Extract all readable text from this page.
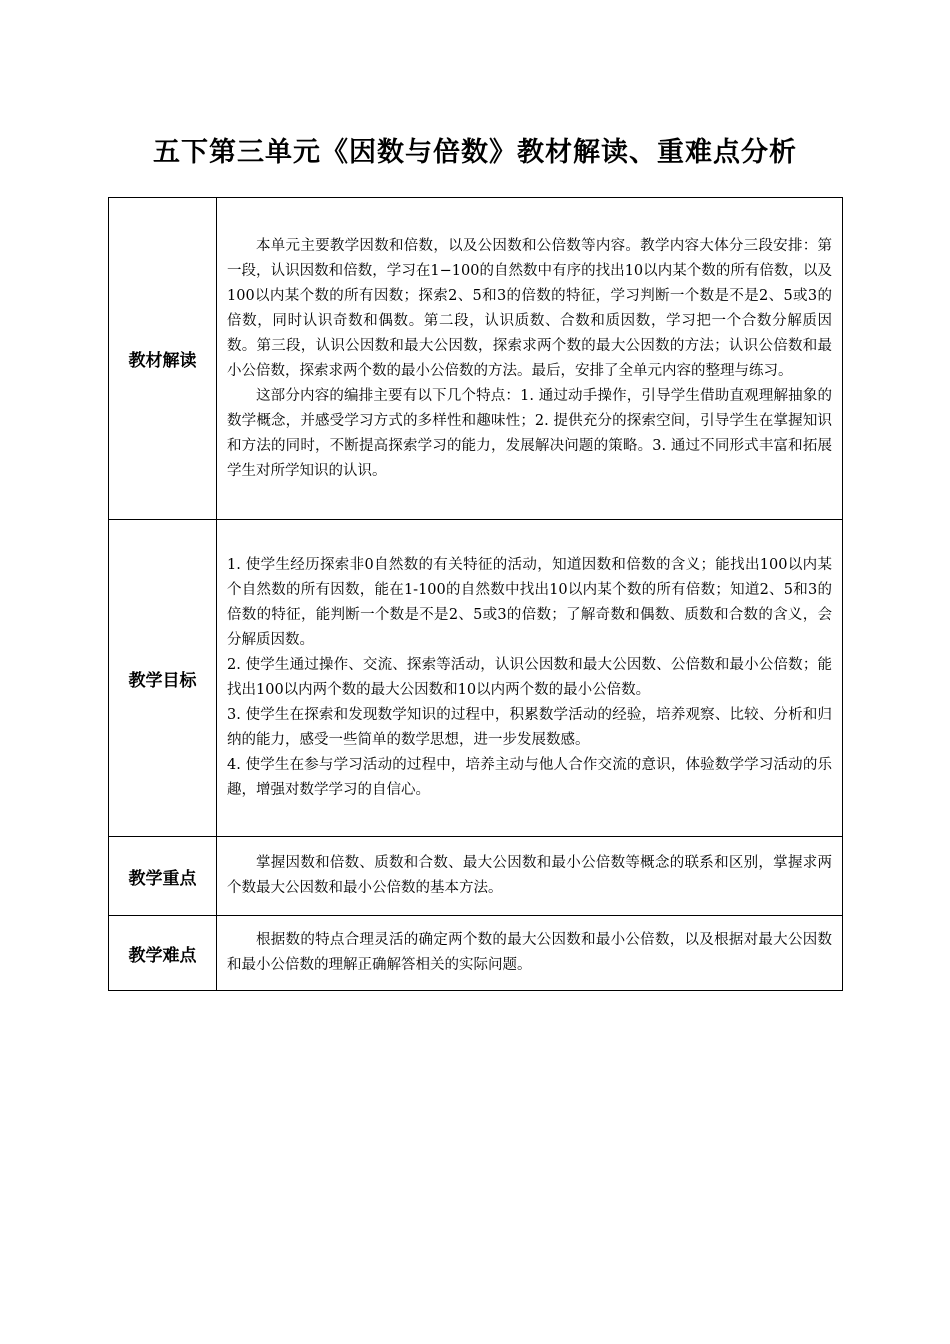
五下第三单元《因数与倍数》教材解读、重难点分析
教材解读	本单元主要教学因数和倍数，以及公因数和公倍数等内容。教学内容大体分三段安排：第一段，认识因数和倍数，学习在1−100的自然数中有序的找出10以内某个数的所有倍数，以及100以内某个数的所有因数；探索2、5和3的倍数的特征，学习判断一个数是不是2、5或3的倍数，同时认识奇数和偶数。第二段，认识质数、合数和质因数，学习把一个合数分解质因数。第三段，认识公因数和最大公因数，探索求两个数的最大公因数的方法；认识公倍数和最小公倍数，探索求两个数的最小公倍数的方法。最后，安排了全单元内容的整理与练习。

这部分内容的编排主要有以下几个特点：1. 通过动手操作，引导学生借助直观理解抽象的数学概念，并感受学习方式的多样性和趣味性；2. 提供充分的探索空间，引导学生在掌握知识和方法的同时，不断提高探索学习的能力，发展解决问题的策略。3. 通过不同形式丰富和拓展学生对所学知识的认识。

教学目标	1. 使学生经历探索非0自然数的有关特征的活动，知道因数和倍数的含义；能找出100以内某个自然数的所有因数，能在1-100的自然数中找出10以内某个数的所有倍数；知道2、5和3的倍数的特征，能判断一个数是不是2、5或3的倍数；了解奇数和偶数、质数和合数的含义，会分解质因数。

2. 使学生通过操作、交流、探索等活动，认识公因数和最大公因数、公倍数和最小公倍数；能找出100以内两个数的最大公因数和10以内两个数的最小公倍数。

3. 使学生在探索和发现数学知识的过程中，积累数学活动的经验，培养观察、比较、分析和归纳的能力，感受一些简单的数学思想，进一步发展数感。

4. 使学生在参与学习活动的过程中，培养主动与他人合作交流的意识，体验数学学习活动的乐趣，增强对数学学习的自信心。

教学重点	掌握因数和倍数、质数和合数、最大公因数和最小公倍数等概念的联系和区别，掌握求两个数最大公因数和最小公倍数的基本方法。

教学难点	根据数的特点合理灵活的确定两个数的最大公因数和最小公倍数，以及根据对最大公因数和最小公倍数的理解正确解答相关的实际问题。
